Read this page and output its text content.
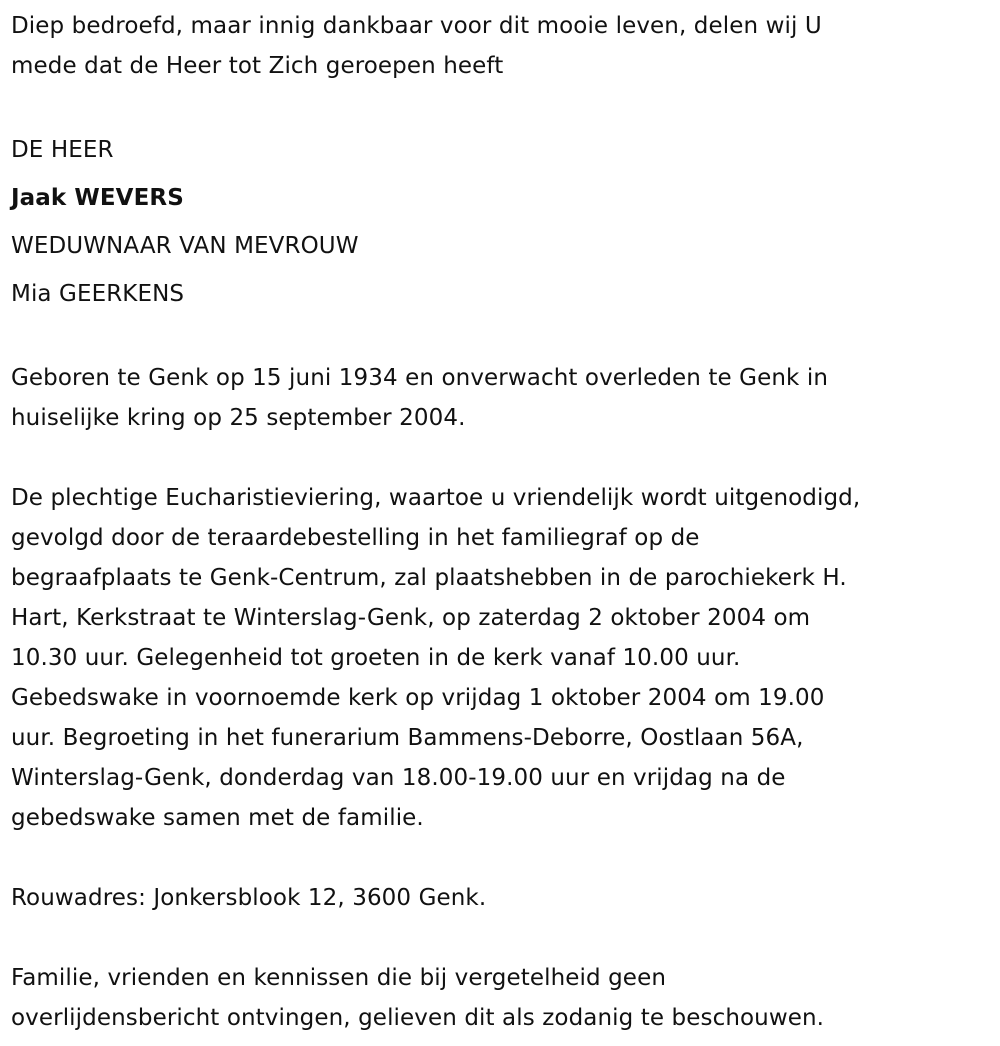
Diep bedroefd, maar innig dankbaar voor dit mooie leven, delen wij U
mede dat de Heer tot Zich geroepen heeft

DE HEER

Jaak WEVERS

WEDUWNAAR VAN MEVROUW

Mia GEERKENS

Geboren te Genk op 15 juni 1934 en onverwacht overleden te Genk in
huiselijke kring op 25 september 2004.

De plechtige Eucharistieviering, waartoe u vriendelijk wordt uitgenodigd,
gevolgd door de teraardebestelling in het familiegraf op de
begraafplaats te Genk-Centrum, zal plaatshebben in de parochiekerk H.
Hart, Kerkstraat te Winterslag-Genk, op zaterdag 2 oktober 2004 om
10.30 uur. Gelegenheid tot groeten in de kerk vanaf 10.00 uur.
Gebedswake in voornoemde kerk op vrijdag 1 oktober 2004 om 19.00
uur. Begroeting in het funerarium Bammens-Deborre, Oostlaan 56A,
Winterslag-Genk, donderdag van 18.00-19.00 uur en vrijdag na de
gebedswake samen met de familie.

Rouwadres: Jonkersblook 12, 3600 Genk.

Familie, vrienden en kennissen die bij vergetelheid geen
overlijdensbericht ontvingen, gelieven dit als zodanig te beschouwen.
